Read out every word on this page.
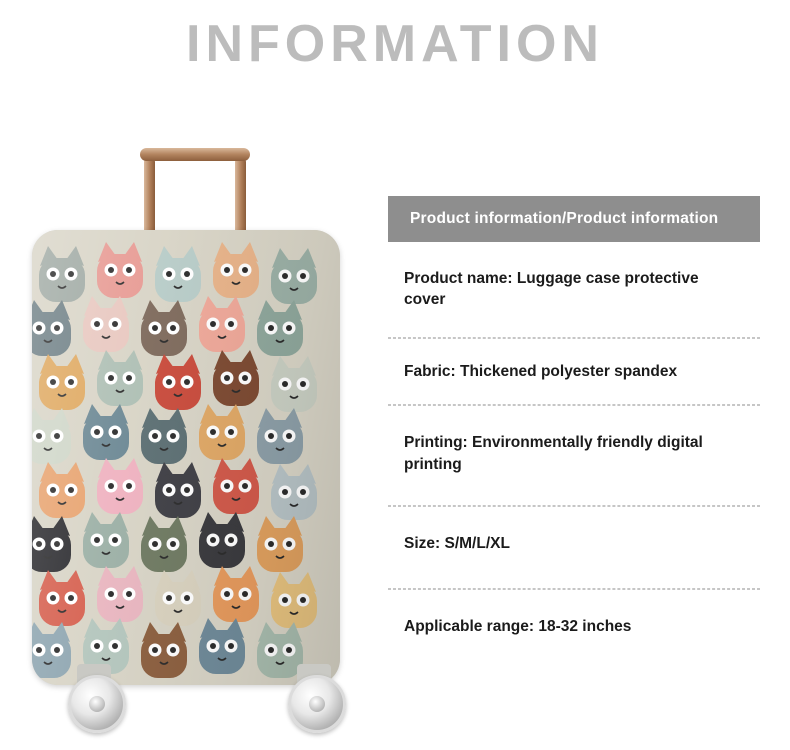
INFORMATION
Product information/Product information
Product name: Luggage case protective cover
Fabric: Thickened polyester spandex
Printing: Environmentally friendly digital printing
Size: S/M/L/XL
Applicable range: 18-32 inches
